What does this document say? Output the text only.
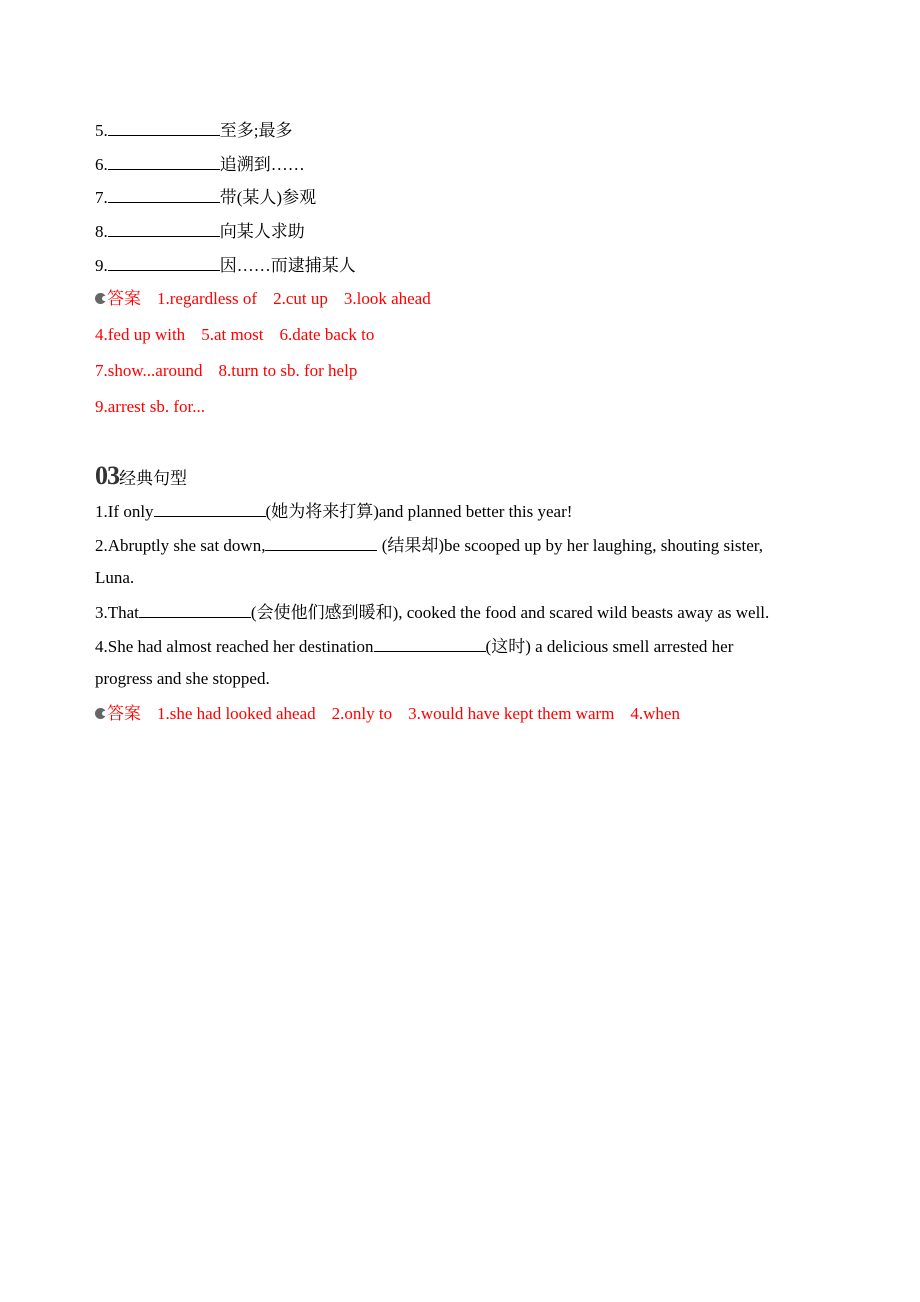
5.	至多;最多
6.	追溯到……
7.	带(某人)参观
8.	向某人求助
9.	因……而逮捕某人
答案 1.regardless of 2.cut up 3.look ahead
4.fed up with 5.at most 6.date back to
7.show...around 8.turn to sb. for help
9.arrest sb. for...
03经典句型
1.If only	(她为将来打算)and planned better this year!
2.Abruptly she sat down,	(结果却)be scooped up by her laughing, shouting sister,
Luna.
3.That	(会使他们感到暖和), cooked the food and scared wild beasts away as well.
4.She had almost reached her destination	(这时) a delicious smell arrested her
progress and she stopped.
答案 1.she had looked ahead 2.only to 3.would have kept them warm 4.when
